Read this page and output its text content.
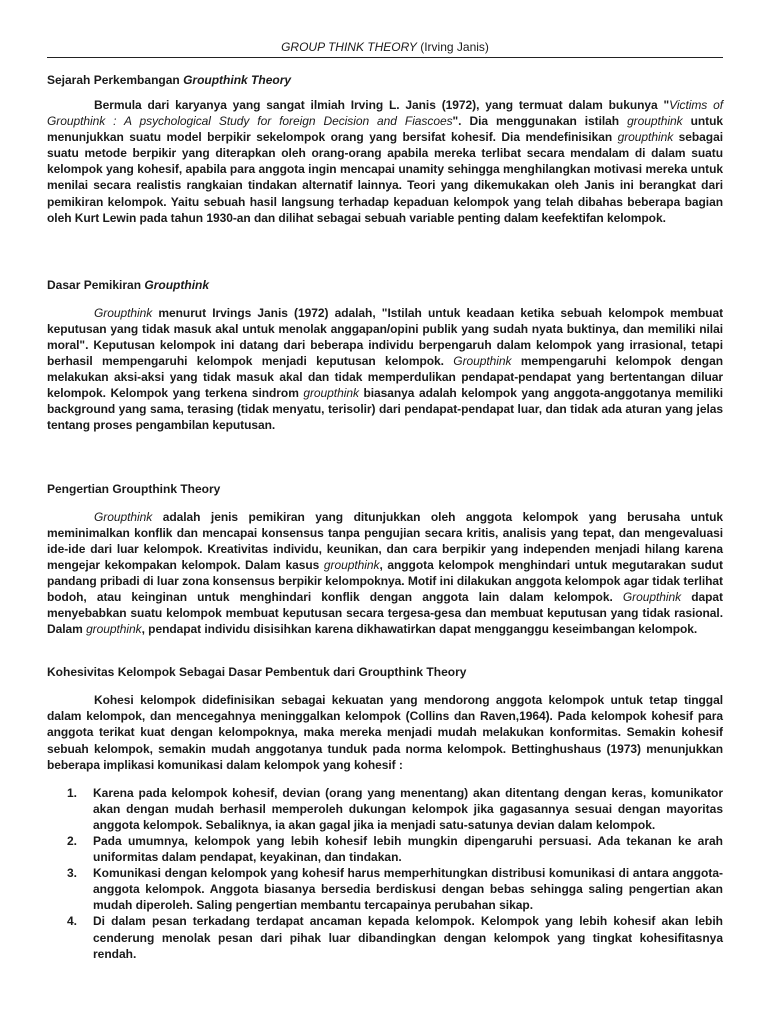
GROUP THINK THEORY (Irving Janis)
Sejarah Perkembangan Groupthink Theory

Bermula dari karyanya yang sangat ilmiah Irving L. Janis (1972), yang termuat dalam bukunya "Victims of Groupthink : A psychological Study for foreign Decision and Fiascoes". Dia menggunakan istilah groupthink untuk menunjukkan suatu model berpikir sekelompok orang yang bersifat kohesif. Dia mendefinisikan groupthink sebagai suatu metode berpikir yang diterapkan oleh orang-orang apabila mereka terlibat secara mendalam di dalam suatu kelompok yang kohesif, apabila para anggota ingin mencapai unamity sehingga menghilangkan motivasi mereka untuk menilai secara realistis rangkaian tindakan alternatif lainnya. Teori yang dikemukakan oleh Janis ini berangkat dari pemikiran kelompok. Yaitu sebuah hasil langsung terhadap kepaduan kelompok yang telah dibahas beberapa bagian oleh Kurt Lewin pada tahun 1930-an dan dilihat sebagai sebuah variable penting dalam keefektifan kelompok.

Dasar Pemikiran Groupthink

Groupthink menurut Irvings Janis (1972) adalah, "Istilah untuk keadaan ketika sebuah kelompok membuat keputusan yang tidak masuk akal untuk menolak anggapan/opini publik yang sudah nyata buktinya, dan memiliki nilai moral". Keputusan kelompok ini datang dari beberapa individu berpengaruh dalam kelompok yang irrasional, tetapi berhasil mempengaruhi kelompok menjadi keputusan kelompok. Groupthink mempengaruhi kelompok dengan melakukan aksi-aksi yang tidak masuk akal dan tidak memperdulikan pendapat-pendapat yang bertentangan diluar kelompok. Kelompok yang terkena sindrom groupthink biasanya adalah kelompok yang anggota-anggotanya memiliki background yang sama, terasing (tidak menyatu, terisolir) dari pendapat-pendapat luar, dan tidak ada aturan yang jelas tentang proses pengambilan keputusan.

Pengertian Groupthink Theory

Groupthink adalah jenis pemikiran yang ditunjukkan oleh anggota kelompok yang berusaha untuk meminimalkan konflik dan mencapai konsensus tanpa pengujian secara kritis, analisis yang tepat, dan mengevaluasi ide-ide dari luar kelompok. Kreativitas individu, keunikan, dan cara berpikir yang independen menjadi hilang karena mengejar kekompakan kelompok. Dalam kasus groupthink, anggota kelompok menghindari untuk megutarakan sudut pandang pribadi di luar zona konsensus berpikir kelompoknya. Motif ini dilakukan anggota kelompok agar tidak terlihat bodoh, atau keinginan untuk menghindari konflik dengan anggota lain dalam kelompok. Groupthink dapat menyebabkan suatu kelompok membuat keputusan secara tergesa-gesa dan membuat keputusan yang tidak rasional. Dalam groupthink, pendapat individu disisihkan karena dikhawatirkan dapat mengganggu keseimbangan kelompok.

Kohesivitas Kelompok Sebagai Dasar Pembentuk dari Groupthink Theory

Kohesi kelompok didefinisikan sebagai kekuatan yang mendorong anggota kelompok untuk tetap tinggal dalam kelompok, dan mencegahnya meninggalkan kelompok (Collins dan Raven,1964). Pada kelompok kohesif para anggota terikat kuat dengan kelompoknya, maka mereka menjadi mudah melakukan konformitas. Semakin kohesif sebuah kelompok, semakin mudah anggotanya tunduk pada norma kelompok. Bettinghushaus (1973) menunjukkan beberapa implikasi komunikasi dalam kelompok yang kohesif :

1. Karena pada kelompok kohesif, devian (orang yang menentang) akan ditentang dengan keras, komunikator akan dengan mudah berhasil memperoleh dukungan kelompok jika gagasannya sesuai dengan mayoritas anggota kelompok. Sebaliknya, ia akan gagal jika ia menjadi satu-satunya devian dalam kelompok.
2. Pada umumnya, kelompok yang lebih kohesif lebih mungkin dipengaruhi persuasi. Ada tekanan ke arah uniformitas dalam pendapat, keyakinan, dan tindakan.
3. Komunikasi dengan kelompok yang kohesif harus memperhitungkan distribusi komunikasi di antara anggota-anggota kelompok. Anggota biasanya bersedia berdiskusi dengan bebas sehingga saling pengertian akan mudah diperoleh. Saling pengertian membantu tercapainya perubahan sikap.
4. Di dalam pesan terkadang terdapat ancaman kepada kelompok. Kelompok yang lebih kohesif akan lebih cenderung menolak pesan dari pihak luar dibandingkan dengan kelompok yang tingkat kohesifitasnya rendah.
